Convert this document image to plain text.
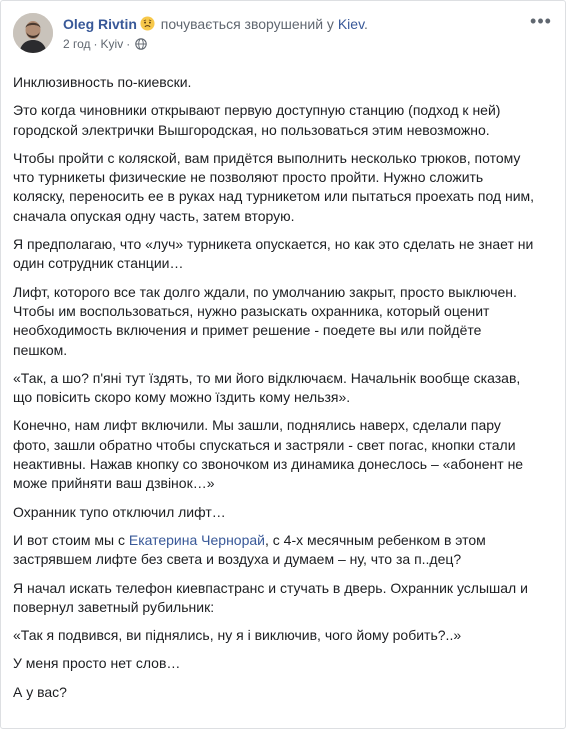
Oleg Rivtin почувається зворушений у Kiev.
2 год · Kyiv ·
•••

Инклюзивность по-киевски.

Это когда чиновники открывают первую доступную станцию (подход к ней) городской электрички Вышгородская, но пользоваться этим невозможно.

Чтобы пройти с коляской, вам придётся выполнить несколько трюков, потому что турникеты физические не позволяют просто пройти. Нужно сложить коляску, переносить ее в руках над турникетом или пытаться проехать под ним, сначала опуская одну часть, затем вторую.

Я предполагаю, что «луч» турникета опускается, но как это сделать не знает ни один сотрудник станции…

Лифт, которого все так долго ждали, по умолчанию закрыт, просто выключен. Чтобы им воспользоваться, нужно разыскать охранника, который оценит необходимость включения и примет решение - поедете вы или пойдёте пешком.

«Так, а шо? п'яні тут їздять, то ми його відключаєм. Начальнік вообще сказав, що повісить скоро кому можно їздить кому нельзя».

Конечно, нам лифт включили. Мы зашли, поднялись наверх, сделали пару фото, зашли обратно чтобы спускаться и застряли - свет погас, кнопки стали неактивны. Нажав кнопку со звоночком из динамика донеслось – «абонент не може прийняти ваш дзвінок…»

Охранник тупо отключил лифт…

И вот стоим мы с Екатерина Чернорай, с 4-х месячным ребенком в этом застрявшем лифте без света и воздуха и думаем – ну, что за п..дец?

Я начал искать телефон киевпастранс и стучать в дверь. Охранник услышал и повернул заветный рубильник:

«Так я подвився, ви піднялись, ну я і виключив, чого йому робить?..»

У меня просто нет слов…

А у вас?
